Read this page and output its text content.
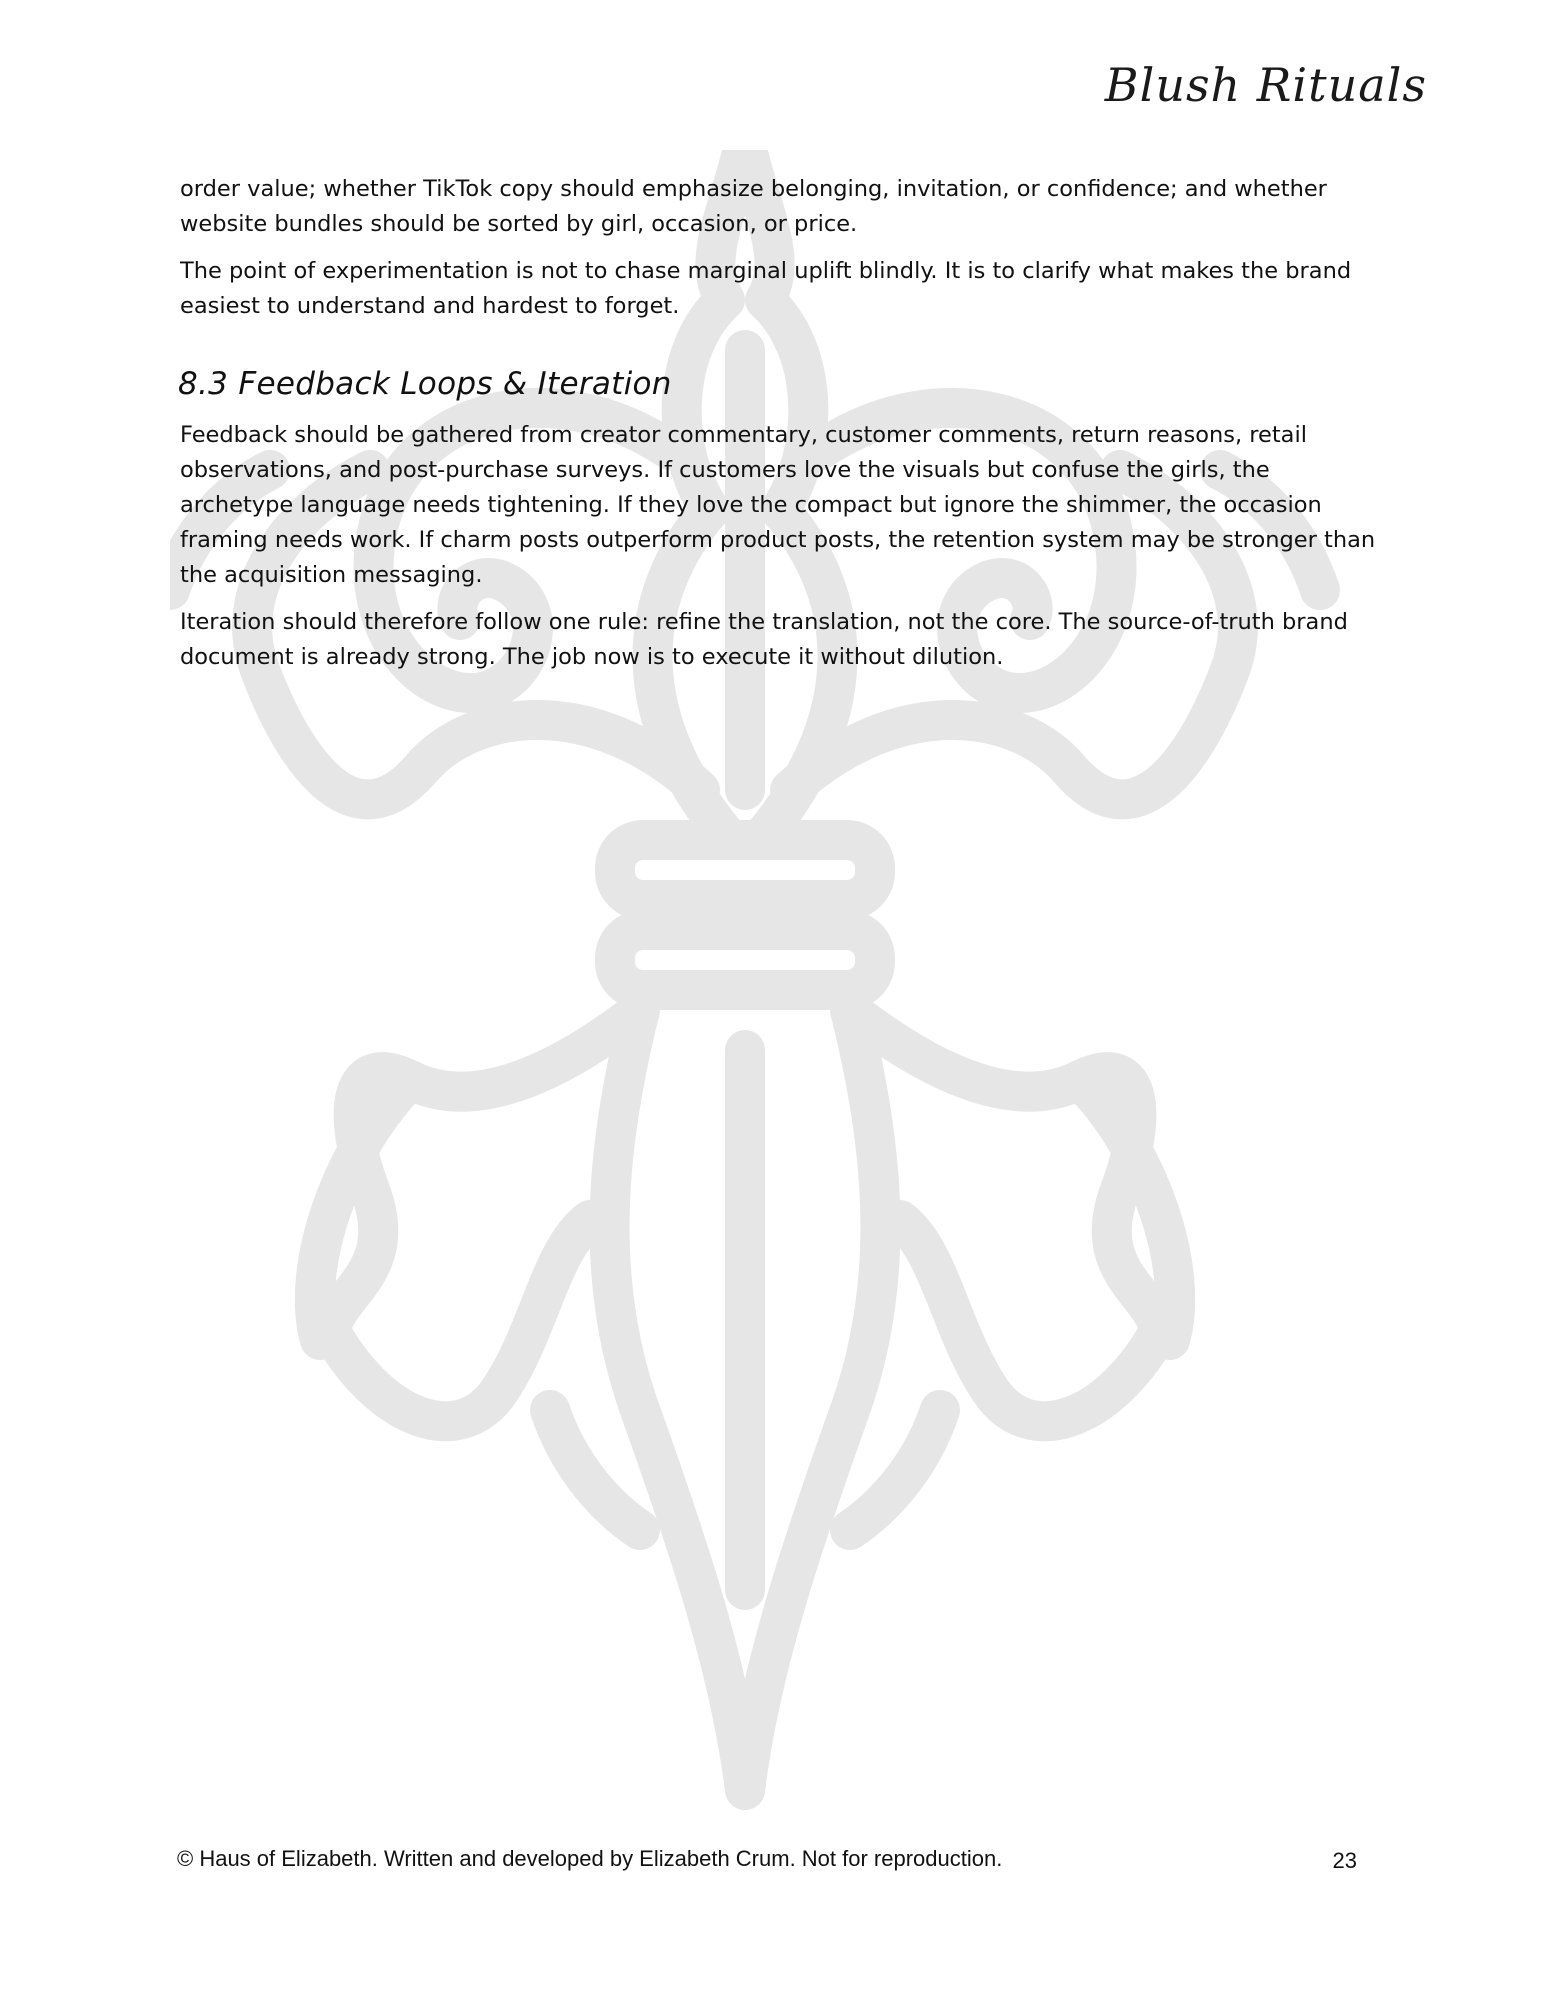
Blush Rituals

order value; whether TikTok copy should emphasize belonging, invitation, or confidence; and whether website bundles should be sorted by girl, occasion, or price.

The point of experimentation is not to chase marginal uplift blindly. It is to clarify what makes the brand easiest to understand and hardest to forget.

8.3 Feedback Loops & Iteration

Feedback should be gathered from creator commentary, customer comments, return reasons, retail observations, and post-purchase surveys. If customers love the visuals but confuse the girls, the archetype language needs tightening. If they love the compact but ignore the shimmer, the occasion framing needs work. If charm posts outperform product posts, the retention system may be stronger than the acquisition messaging.

Iteration should therefore follow one rule: refine the translation, not the core. The source-of-truth brand document is already strong. The job now is to execute it without dilution.

© Haus of Elizabeth. Written and developed by Elizabeth Crum. Not for reproduction.	23
